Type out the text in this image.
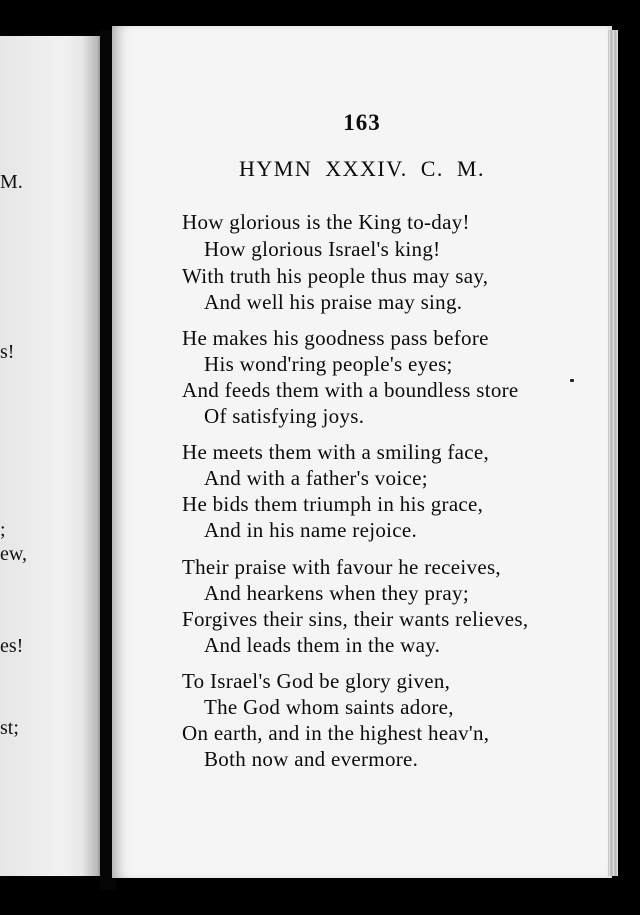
M.
s!
;
ew,
es!
st;
163
HYMN XXXIV. C. M.
How glorious is the King to-day!
How glorious Israel's king!
With truth his people thus may say,
And well his praise may sing.
He makes his goodness pass before
His wond'ring people's eyes;
And feeds them with a boundless store
Of satisfying joys.
He meets them with a smiling face,
And with a father's voice;
He bids them triumph in his grace,
And in his name rejoice.
Their praise with favour he receives,
And hearkens when they pray;
Forgives their sins, their wants relieves,
And leads them in the way.
To Israel's God be glory given,
The God whom saints adore,
On earth, and in the highest heav'n,
Both now and evermore.
